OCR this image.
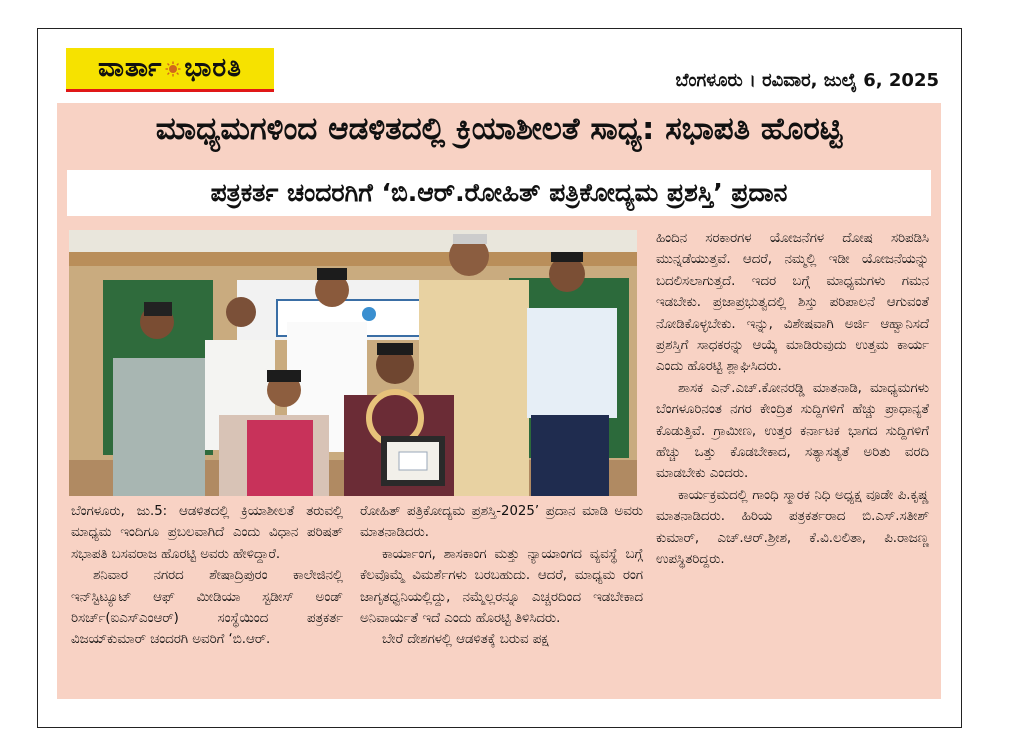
ವಾರ್ತಾ ಭಾರತಿ	ಬೆಂಗಳೂರು । ರವಿವಾರ, ಜುಲೈ 6, 2025
ಮಾಧ್ಯಮಗಳಿಂದ ಆಡಳಿತದಲ್ಲಿ ಕ್ರಿಯಾಶೀಲತೆ ಸಾಧ್ಯ: ಸಭಾಪತಿ ಹೊರಟ್ಟಿ
ಪತ್ರಕರ್ತ ಚಂದರಗಿಗೆ ‘ಬಿ.ಆರ್.ರೋಹಿತ್ ಪತ್ರಿಕೋದ್ಯಮ ಪ್ರಶಸ್ತಿ’ ಪ್ರದಾನ

ಬೆಂಗಳೂರು, ಜು.5: ಆಡಳಿತದಲ್ಲಿ ಕ್ರಿಯಾಶೀಲತೆ ತರುವಲ್ಲಿ ಮಾಧ್ಯಮ ಇಂದಿಗೂ ಪ್ರಬಲವಾಗಿದೆ ಎಂದು ವಿಧಾನ ಪರಿಷತ್ ಸಭಾಪತಿ ಬಸವರಾಜ ಹೊರಟ್ಟಿ ಅವರು ಹೇಳಿದ್ದಾರೆ.

ಶನಿವಾರ ನಗರದ ಶೇಷಾದ್ರಿಪುರಂ ಕಾಲೇಜಿನಲ್ಲಿ ಇನ್‌ಸ್ಟಿಟ್ಯೂಟ್ ಆಫ್ ಮೀಡಿಯಾ ಸ್ಟಡೀಸ್ ಅಂಡ್ ರಿಸರ್ಚ್(ಐಎಸ್‌ಎಂಆರ್) ಸಂಸ್ಥೆಯಿಂದ ಪತ್ರಕರ್ತ ವಿಜಯ್‌ಕುಮಾರ್ ಚಂದರಗಿ ಅವರಿಗೆ ‘ಬಿ.ಆರ್.

ರೋಹಿತ್ ಪತ್ರಿಕೋದ್ಯಮ ಪ್ರಶಸ್ತಿ-2025’ ಪ್ರದಾನ ಮಾಡಿ ಅವರು ಮಾತನಾಡಿದರು.

ಕಾರ್ಯಾಂಗ, ಶಾಸಕಾಂಗ ಮತ್ತು ನ್ಯಾಯಾಂಗದ ವ್ಯವಸ್ಥೆ ಬಗ್ಗೆ ಕೆಲವೊಮ್ಮೆ ವಿಮರ್ಶೆಗಳು ಬರಬಹುದು. ಆದರೆ, ಮಾಧ್ಯಮ ರಂಗ ಜಾಗೃತಧ್ವನಿಯಲ್ಲಿದ್ದು, ನಮ್ಮೆಲ್ಲರನ್ನೂ ಎಚ್ಚರದಿಂದ ಇಡಬೇಕಾದ ಅನಿವಾರ್ಯತೆ ಇದೆ ಎಂದು ಹೊರಟ್ಟಿ ತಿಳಿಸಿದರು.

ಬೇರೆ ದೇಶಗಳಲ್ಲಿ ಆಡಳಿತಕ್ಕೆ ಬರುವ ಪಕ್ಷ

ಹಿಂದಿನ ಸರಕಾರಗಳ ಯೋಜನೆಗಳ ದೋಷ ಸರಿಪಡಿಸಿ ಮುನ್ನಡೆಯುತ್ತವೆ. ಆದರೆ, ನಮ್ಮಲ್ಲಿ ಇಡೀ ಯೋಜನೆಯನ್ನು ಬದಲಿಸಲಾಗುತ್ತದೆ. ಇದರ ಬಗ್ಗೆ ಮಾಧ್ಯಮಗಳು ಗಮನ ಇಡಬೇಕು. ಪ್ರಜಾಪ್ರಭುತ್ವದಲ್ಲಿ ಶಿಸ್ತು ಪರಿಪಾಲನೆ ಆಗುವಂತೆ ನೋಡಿಕೊಳ್ಳಬೇಕು. ಇನ್ನು, ವಿಶೇಷವಾಗಿ ಅರ್ಜಿ ಆಹ್ವಾನಿಸದೆ ಪ್ರಶಸ್ತಿಗೆ ಸಾಧಕರನ್ನು ಆಯ್ಕೆ ಮಾಡಿರುವುದು ಉತ್ತಮ ಕಾರ್ಯ ಎಂದು ಹೊರಟ್ಟಿ ಶ್ಲಾಘಿಸಿದರು.

ಶಾಸಕ ಎನ್.ಎಚ್.ಕೋನರಡ್ಡಿ ಮಾತನಾಡಿ, ಮಾಧ್ಯಮಗಳು ಬೆಂಗಳೂರಿನಂತ ನಗರ ಕೇಂದ್ರಿತ ಸುದ್ದಿಗಳಿಗೆ ಹೆಚ್ಚು ಪ್ರಾಧಾನ್ಯತೆ ಕೊಡುತ್ತಿವೆ. ಗ್ರಾಮೀಣ, ಉತ್ತರ ಕರ್ನಾಟಕ ಭಾಗದ ಸುದ್ದಿಗಳಿಗೆ ಹೆಚ್ಚು ಒತ್ತು ಕೊಡಬೇಕಾದ, ಸತ್ಯಾಸತ್ಯತೆ ಅರಿತು ವರದಿ ಮಾಡಬೇಕು ಎಂದರು.

ಕಾರ್ಯಕ್ರಮದಲ್ಲಿ ಗಾಂಧಿ ಸ್ಮಾರಕ ನಿಧಿ ಅಧ್ಯಕ್ಷ ವೂಡೇ ಪಿ.ಕೃಷ್ಣ ಮಾತನಾಡಿದರು. ಹಿರಿಯ ಪತ್ರಕರ್ತರಾದ ಬಿ.ಎಸ್.ಸತೀಶ್ ಕುಮಾರ್, ಎಚ್.ಆರ್.ಶ್ರೀಶ, ಕೆ.ವಿ.ಲಲಿತಾ, ಪಿ.ರಾಜಣ್ಣ ಉಪಸ್ಥಿತರಿದ್ದರು.
